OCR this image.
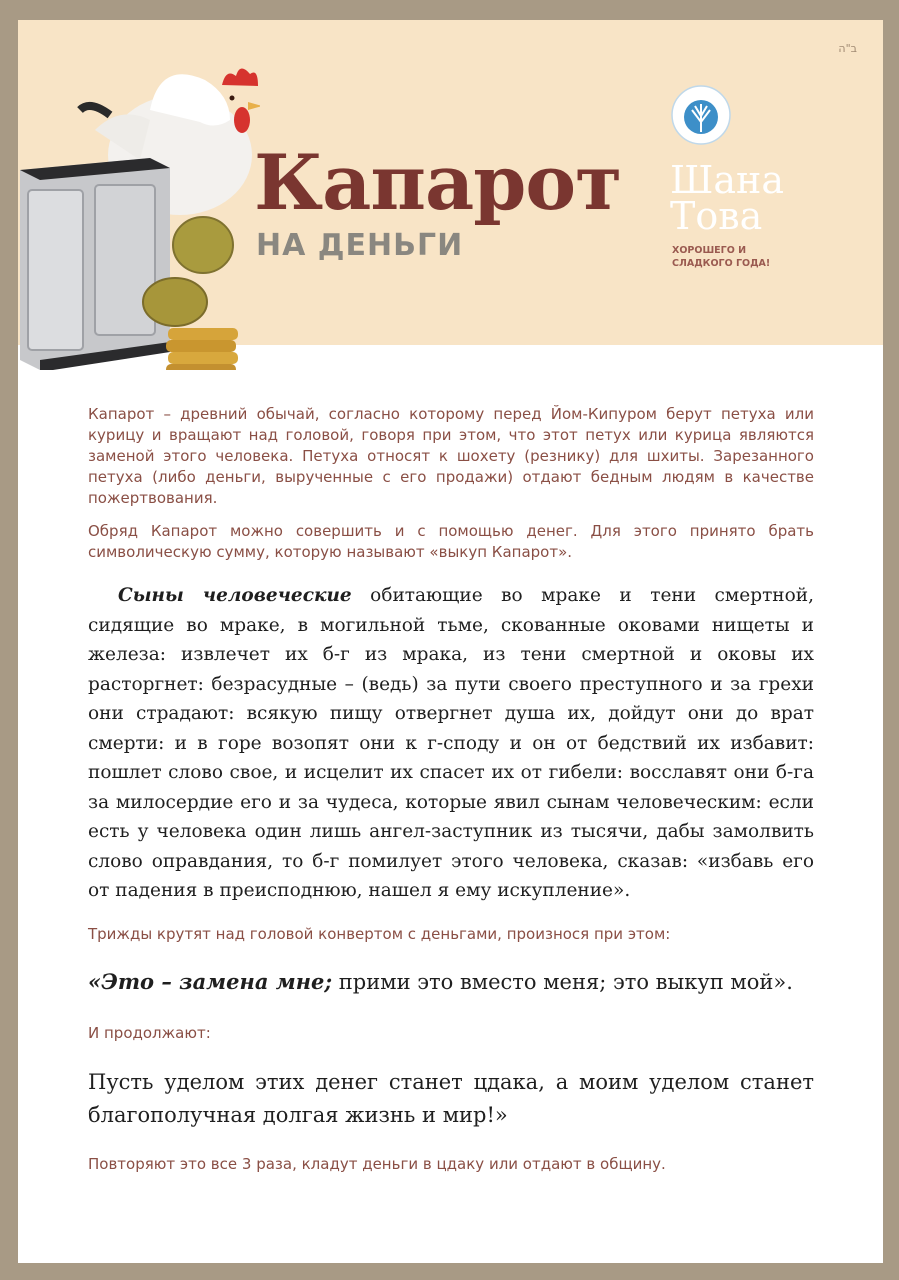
ב"ה
Капарот
НА ДЕНЬГИ
Шана
Това
ХОРОШЕГО И
СЛАДКОГО ГОДА!

Капарот – древний обычай, согласно которому перед Йом-Кипуром берут петуха или курицу и вращают над головой, говоря при этом, что этот петух или курица являются заменой этого человека. Петуха относят к шохету (резнику) для шхиты. Зарезанного петуха (либо деньги, вырученные с его продажи) отдают бедным людям в качестве пожертвования.

Обряд Капарот можно совершить и с помощью денег. Для этого принято брать символическую сумму, которую называют «выкуп Капарот».

Сыны человеческие обитающие во мраке и тени смертной, сидящие во мраке, в могильной тьме, скованные оковами нищеты и железа: извлечет их б-г из мрака, из тени смертной и оковы их расторгнет: безрасудные – (ведь) за пути своего преступного и за грехи они страдают: всякую пищу отвергнет душа их, дойдут они до врат смерти: и в горе возопят они к г-споду и он от бедствий их избавит: пошлет слово свое, и исцелит их спасет их от гибели: восславят они б-га за милосердие его и за чудеса, которые явил сынам человеческим: если есть у человека один лишь ангел-заступник из тысячи, дабы замолвить слово оправдания, то б-г помилует этого человека, сказав: «избавь его от падения в преисподнюю, нашел я ему искупление».

Трижды крутят над головой конвертом с деньгами, произнося при этом:

«Это – замена мне; прими это вместо меня; это выкуп мой».

И продолжают:

Пусть уделом этих денег станет цдака, а моим уделом станет благополучная долгая жизнь и мир!»

Повторяют это все 3 раза, кладут деньги в цдаку или отдают в общину.
